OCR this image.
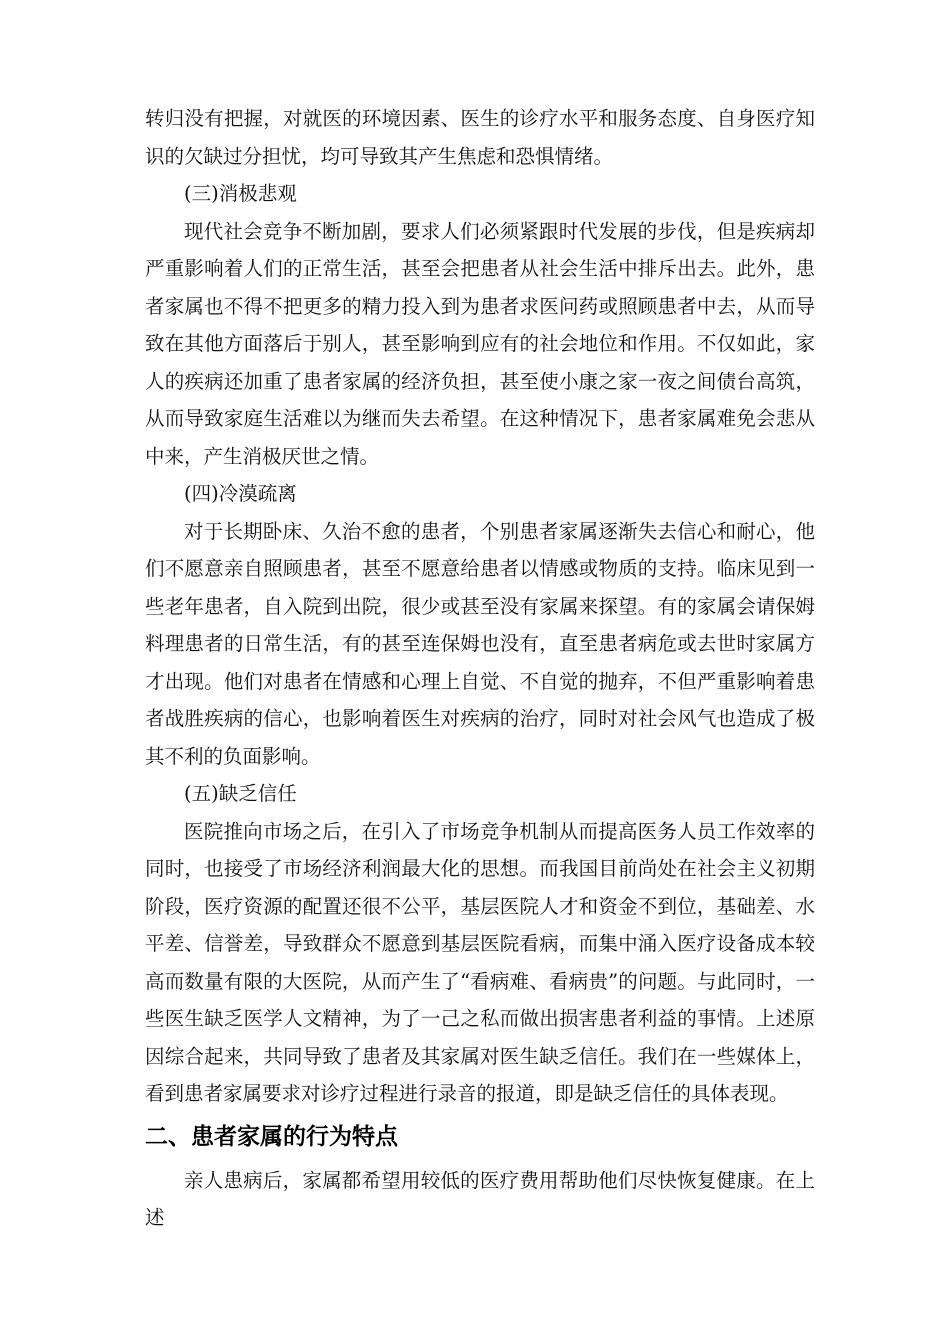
转归没有把握，对就医的环境因素、医生的诊疗水平和服务态度、自身医疗知识的欠缺过分担忧，均可导致其产生焦虑和恐惧情绪。

(三)消极悲观

现代社会竞争不断加剧，要求人们必须紧跟时代发展的步伐，但是疾病却严重影响着人们的正常生活，甚至会把患者从社会生活中排斥出去。此外，患者家属也不得不把更多的精力投入到为患者求医问药或照顾患者中去，从而导致在其他方面落后于别人，甚至影响到应有的社会地位和作用。不仅如此，家人的疾病还加重了患者家属的经济负担，甚至使小康之家一夜之间债台高筑，从而导致家庭生活难以为继而失去希望。在这种情况下，患者家属难免会悲从中来，产生消极厌世之情。

(四)冷漠疏离

对于长期卧床、久治不愈的患者，个别患者家属逐渐失去信心和耐心，他们不愿意亲自照顾患者，甚至不愿意给患者以情感或物质的支持。临床见到一些老年患者，自入院到出院，很少或甚至没有家属来探望。有的家属会请保姆料理患者的日常生活，有的甚至连保姆也没有，直至患者病危或去世时家属方才出现。他们对患者在情感和心理上自觉、不自觉的抛弃，不但严重影响着患者战胜疾病的信心，也影响着医生对疾病的治疗，同时对社会风气也造成了极其不利的负面影响。

(五)缺乏信任

医院推向市场之后，在引入了市场竞争机制从而提高医务人员工作效率的同时，也接受了市场经济利润最大化的思想。而我国目前尚处在社会主义初期阶段，医疗资源的配置还很不公平，基层医院人才和资金不到位，基础差、水平差、信誉差，导致群众不愿意到基层医院看病，而集中涌入医疗设备成本较高而数量有限的大医院，从而产生了“看病难、看病贵”的问题。与此同时，一些医生缺乏医学人文精神，为了一己之私而做出损害患者利益的事情。上述原因综合起来，共同导致了患者及其家属对医生缺乏信任。我们在一些媒体上，看到患者家属要求对诊疗过程进行录音的报道，即是缺乏信任的具体表现。

二、患者家属的行为特点

亲人患病后，家属都希望用较低的医疗费用帮助他们尽快恢复健康。在上述
